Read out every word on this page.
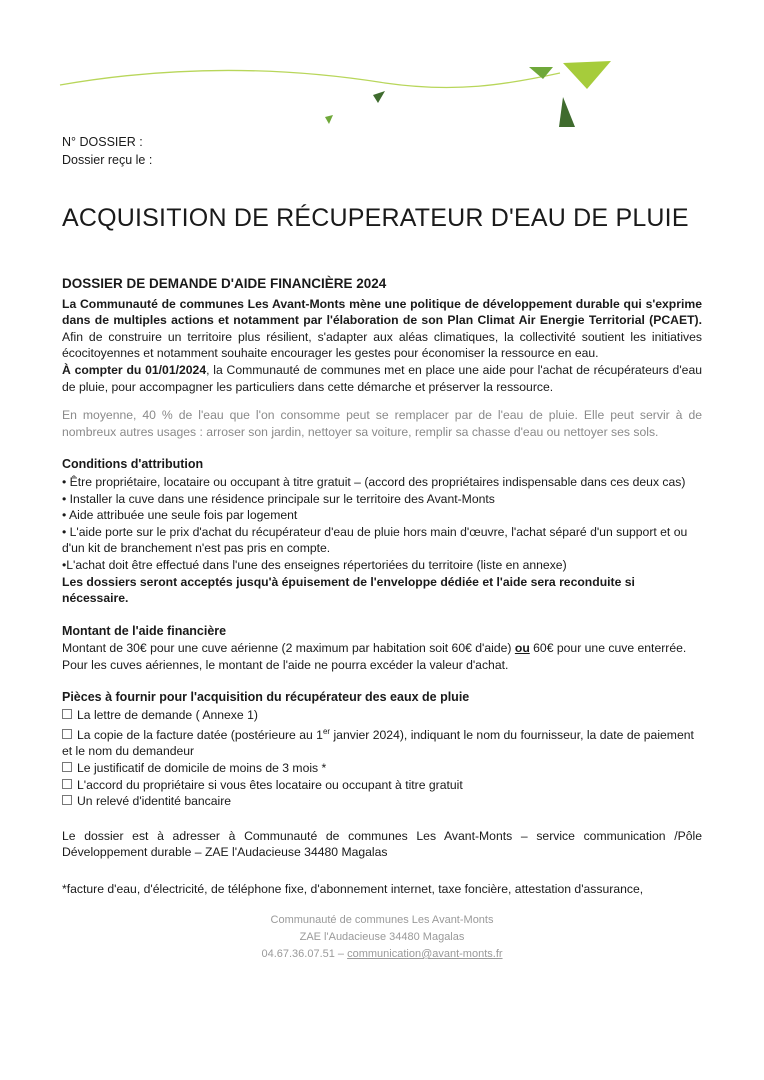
N° DOSSIER :
Dossier reçu le :
ACQUISITION DE RÉCUPERATEUR D'EAU DE PLUIE
DOSSIER DE DEMANDE D'AIDE FINANCIÈRE 2024

La Communauté de communes Les Avant-Monts mène une politique de développement durable qui s'exprime dans de multiples actions et notamment par l'élaboration de son Plan Climat Air Energie Territorial (PCAET). Afin de construire un territoire plus résilient, s'adapter aux aléas climatiques, la collectivité soutient les initiatives écocitoyennes et notamment souhaite encourager les gestes pour économiser la ressource en eau.

À compter du 01/01/2024, la Communauté de communes met en place une aide pour l'achat de récupérateurs d'eau de pluie, pour accompagner les particuliers dans cette démarche et préserver la ressource.

En moyenne, 40 % de l'eau que l'on consomme peut se remplacer par de l'eau de pluie. Elle peut servir à de nombreux autres usages : arroser son jardin, nettoyer sa voiture, remplir sa chasse d'eau ou nettoyer ses sols.

Conditions d'attribution
• Être propriétaire, locataire ou occupant à titre gratuit – (accord des propriétaires indispensable dans ces deux cas)
• Installer la cuve dans une résidence principale sur le territoire des Avant-Monts
• Aide attribuée une seule fois par logement
• L'aide porte sur le prix d'achat du récupérateur d'eau de pluie hors main d'œuvre, l'achat séparé d'un support et ou d'un kit de branchement n'est pas pris en compte.
•L'achat doit être effectué dans l'une des enseignes répertoriées du territoire (liste en annexe)
Les dossiers seront acceptés jusqu'à épuisement de l'enveloppe dédiée et l'aide sera reconduite si nécessaire.
Montant de l'aide financière
Montant de 30€ pour une cuve aérienne (2 maximum par habitation soit 60€ d'aide) ou 60€ pour une cuve enterrée.
Pour les cuves aériennes, le montant de l'aide ne pourra excéder la valeur d'achat.
Pièces à fournir pour l'acquisition du récupérateur des eaux de pluie
La lettre de demande ( Annexe 1)
La copie de la facture datée (postérieure au 1er janvier 2024), indiquant le nom du fournisseur, la date de paiement et le nom du demandeur
Le justificatif de domicile de moins de 3 mois *
L'accord du propriétaire si vous êtes locataire ou occupant à titre gratuit
Un relevé d'identité bancaire

Le dossier est à adresser à Communauté de communes Les Avant-Monts – service communication /Pôle Développement durable – ZAE l'Audacieuse 34480 Magalas

*facture d'eau, d'électricité, de téléphone fixe, d'abonnement internet, taxe foncière, attestation d'assurance,
Communauté de communes Les Avant-Monts
ZAE l'Audacieuse 34480 Magalas
04.67.36.07.51 – communication@avant-monts.fr
